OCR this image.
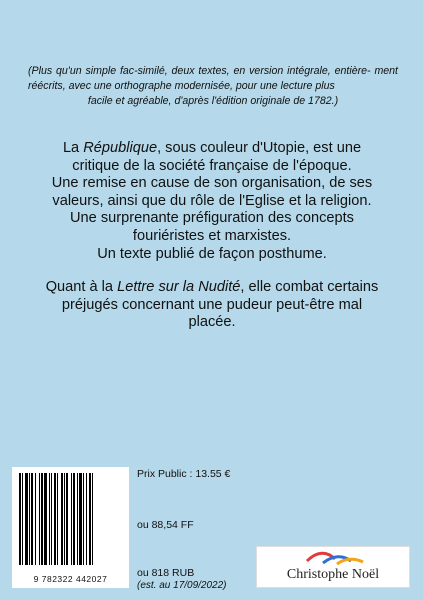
(Plus qu'un simple fac-similé, deux textes, en version intégrale, entière- ment réécrits, avec une orthographe modernisée, pour une lecture plus
facile et agréable, d'après l'édition originale de 1782.)
La République, sous couleur d'Utopie, est une
critique de la société française de l'époque.
Une remise en cause de son organisation, de ses
valeurs, ainsi que du rôle de l'Eglise et la religion.
Une surprenante préfiguration des concepts
fouriéristes et marxistes.
Un texte publié de façon posthume.
Quant à la Lettre sur la Nudité, elle combat certains
préjugés concernant une pudeur peut-être mal
placée.
9 782322 442027
Prix Public : 13.55 €
ou 88,54 FF
ou 818 RUB
(est. au 17/09/2022)
Christophe Noël
